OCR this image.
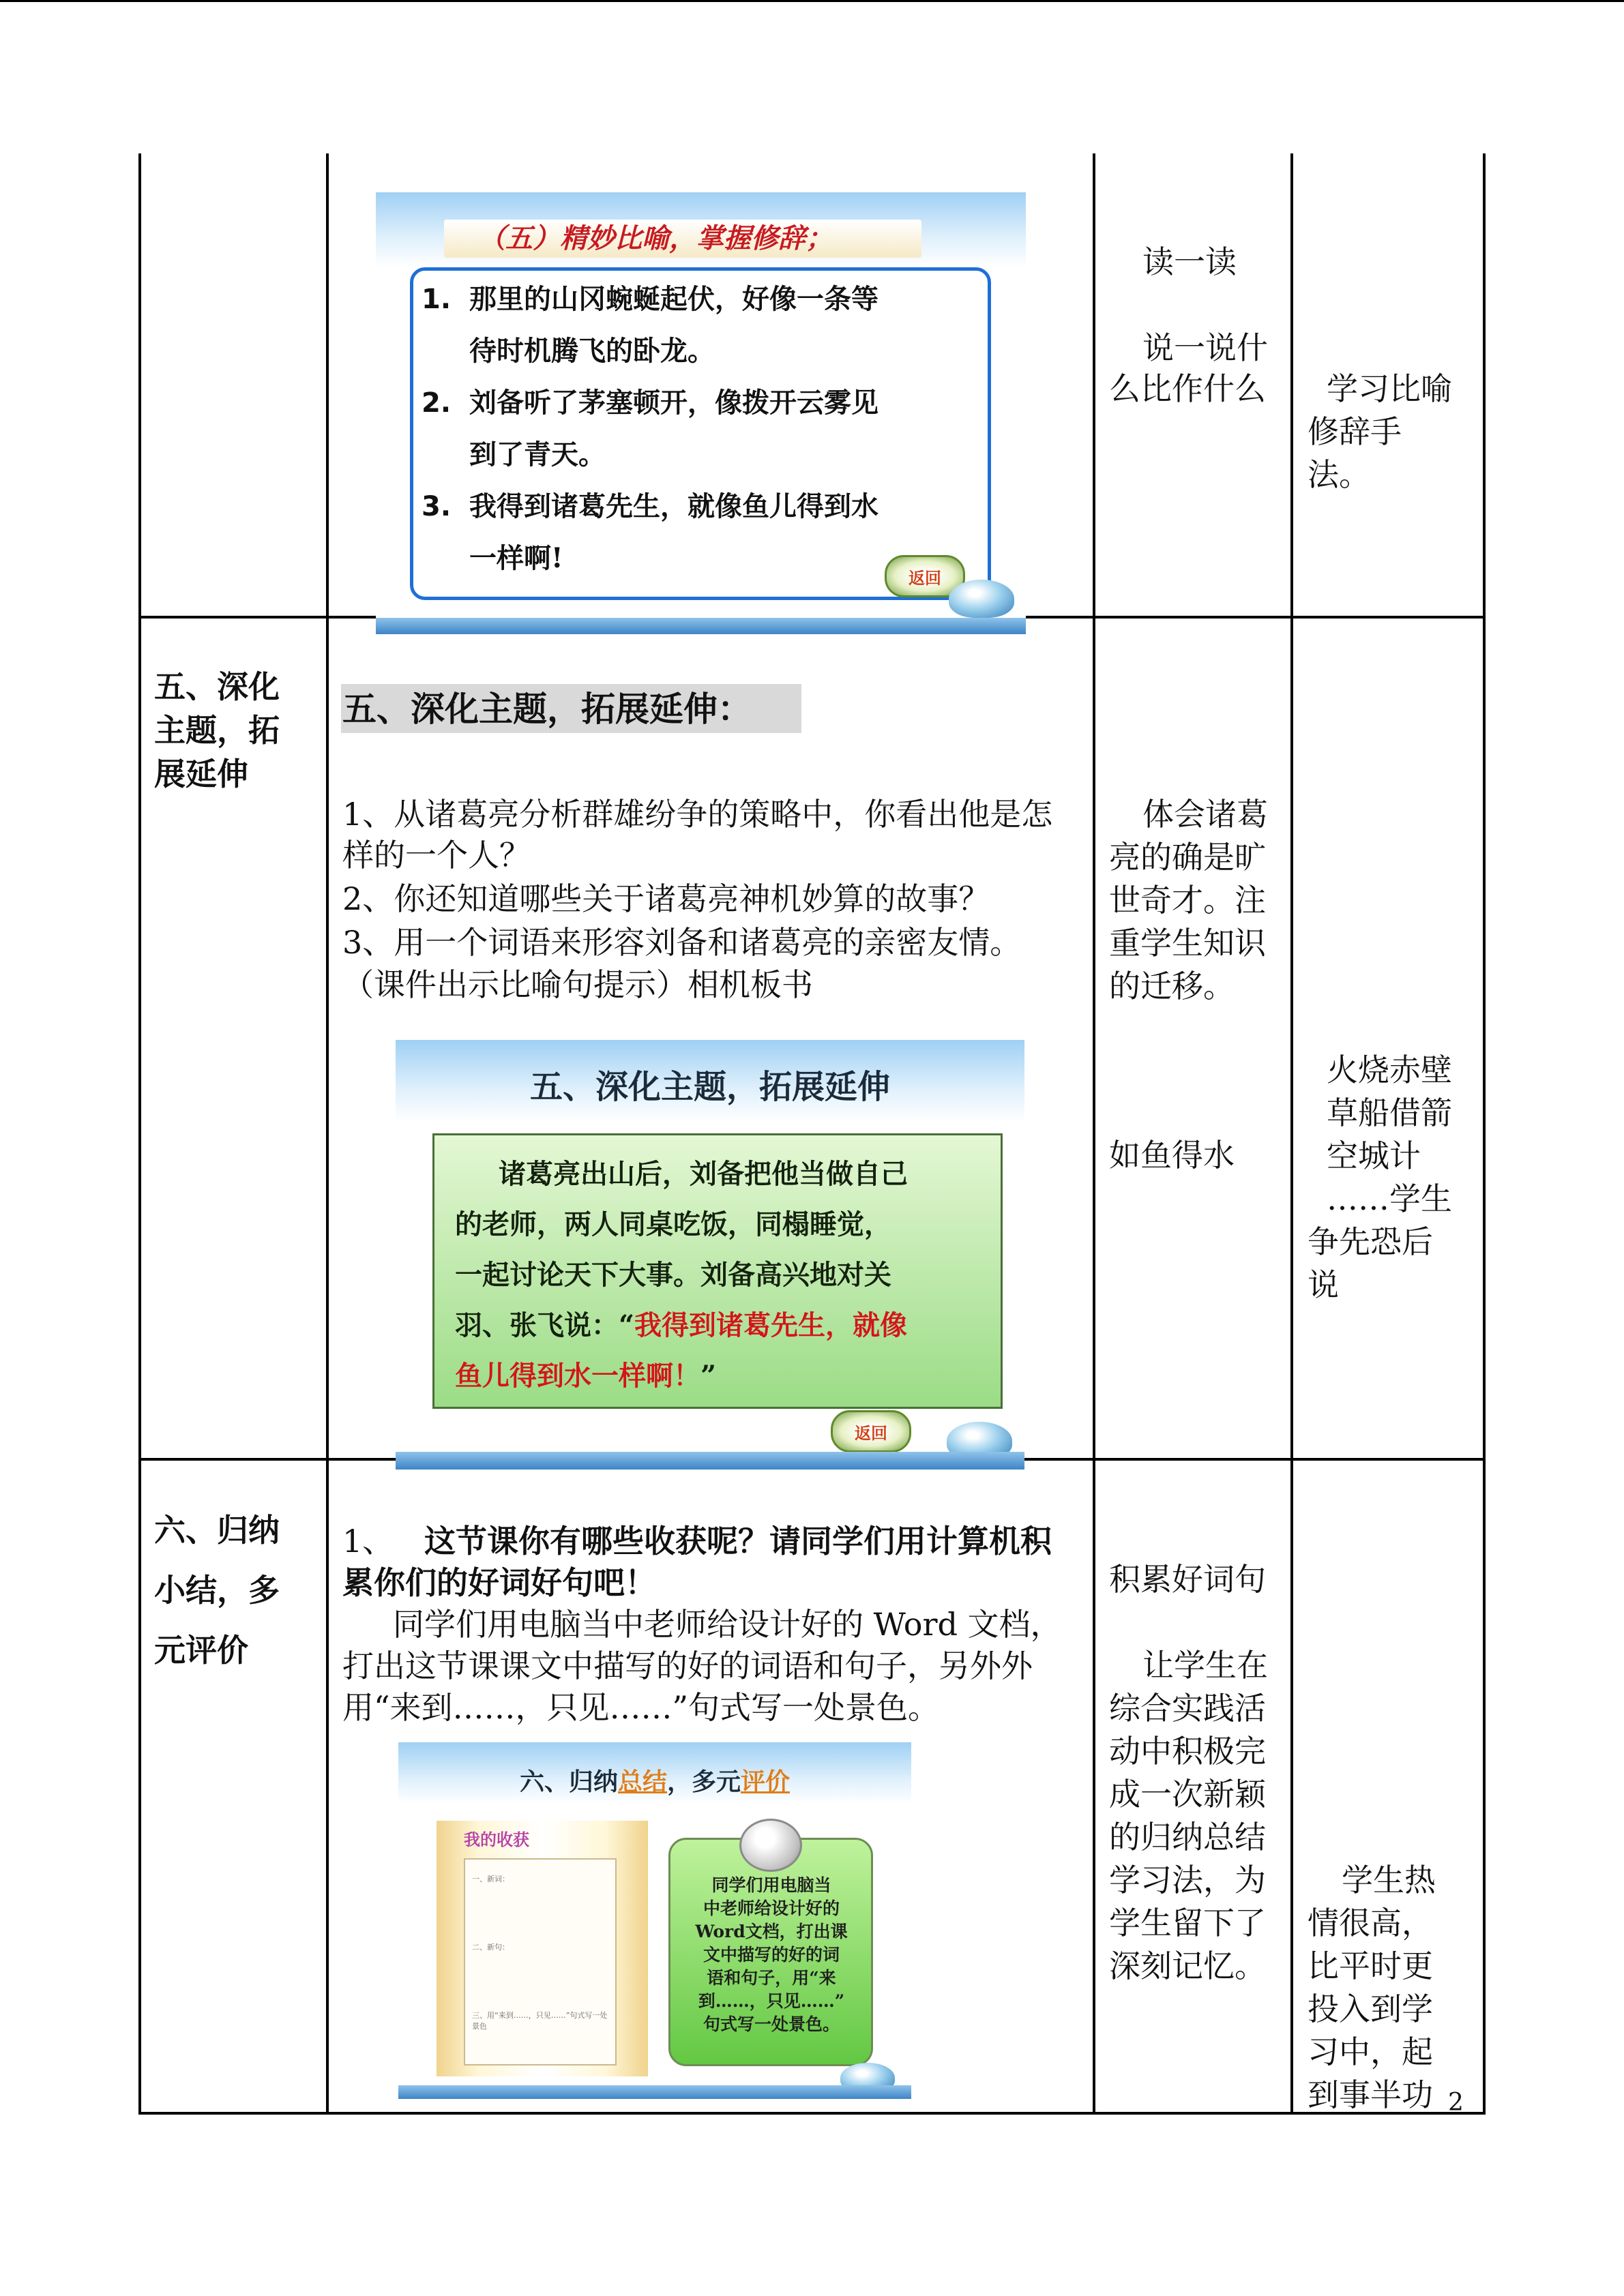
（五）精妙比喻，掌握修辞；
1. 那里的山冈蜿蜒起伏，好像一条等
待时机腾飞的卧龙。
2. 刘备听了茅塞顿开，像拨开云雾见
到了青天。
3. 我得到诸葛先生，就像鱼儿得到水
一样啊!
返回
读一读
说一说什
么比作什么 学习比喻
修辞手
法。
五、深化
主题，拓
展延伸
五、深化主题，拓展延伸：
1、从诸葛亮分析群雄纷争的策略中，你看出他是怎
样的一个人？
2、你还知道哪些关于诸葛亮神机妙算的故事？
3、用一个词语来形容刘备和诸葛亮的亲密友情。
（课件出示比喻句提示）相机板书
五、深化主题，拓展延伸
诸葛亮出山后，刘备把他当做自己
的老师，两人同桌吃饭，同榻睡觉，
一起讨论天下大事。刘备高兴地对关
羽、张飞说：“我得到诸葛先生，就像
鱼儿得到水一样啊！”
返回
体会诸葛
亮的确是旷
世奇才。注
重学生知识
的迁移。
如鱼得水
火烧赤壁
草船借箭
空城计
……学生
争先恐后
说
六、归纳
小结，多
元评价
1、 这节课你有哪些收获呢？请同学们用计算机积
累你们的好词好句吧！
同学们用电脑当中老师给设计好的 Word 文档，
打出这节课课文中描写的好的词语和句子，另外外
用“来到……，只见……”句式写一处景色。
六、归纳总结，多元评价
我的收获
一、新词：
二、新句：
三、用“来到……，只见……”句式写一处景色
同学们用电脑当
中老师给设计好的
Word文档，打出课
文中描写的好的词
语和句子，用“来
到……，只见……”
句式写一处景色。
积累好词句
让学生在
综合实践活
动中积极完
成一次新颖
的归纳总结
学习法，为
学生留下了
深刻记忆。
学生热
情很高，
比平时更
投入到学
习中，起
到事半功 2
